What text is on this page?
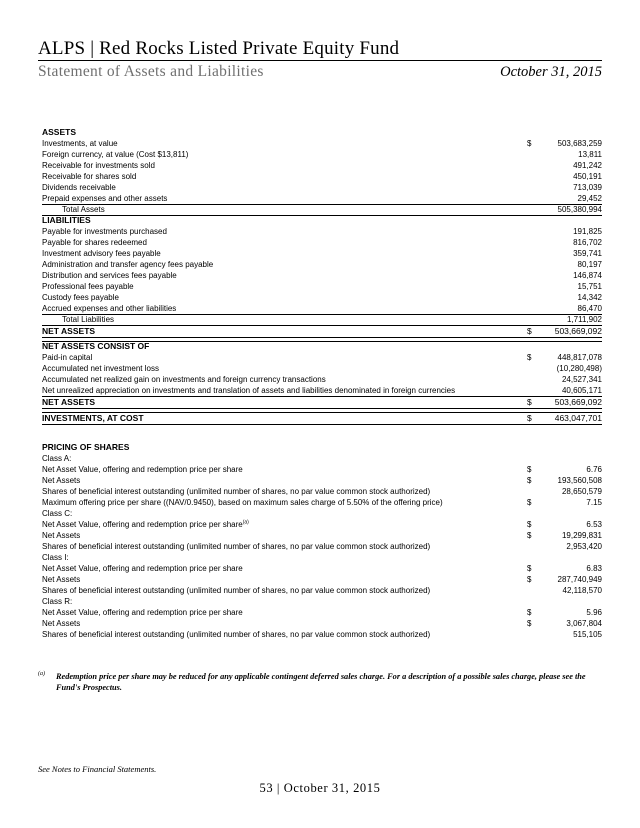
ALPS | Red Rocks Listed Private Equity Fund
Statement of Assets and Liabilities	October 31, 2015
ASSETS
Investments, at value	$	503,683,259
Foreign currency, at value (Cost $13,811)	13,811
Receivable for investments sold	491,242
Receivable for shares sold	450,191
Dividends receivable	713,039
Prepaid expenses and other assets	29,452
Total Assets	505,380,994
LIABILITIES
Payable for investments purchased	191,825
Payable for shares redeemed	816,702
Investment advisory fees payable	359,741
Administration and transfer agency fees payable	80,197
Distribution and services fees payable	146,874
Professional fees payable	15,751
Custody fees payable	14,342
Accrued expenses and other liabilities	86,470
Total Liabilities	1,711,902
NET ASSETS	$	503,669,092
NET ASSETS CONSIST OF
Paid-in capital	$	448,817,078
Accumulated net investment loss	(10,280,498)
Accumulated net realized gain on investments and foreign currency transactions	24,527,341
Net unrealized appreciation on investments and translation of assets and liabilities denominated in foreign currencies	40,605,171
NET ASSETS	$	503,669,092
INVESTMENTS, AT COST	$	463,047,701
PRICING OF SHARES
Class A:
Net Asset Value, offering and redemption price per share	$	6.76
Net Assets	$	193,560,508
Shares of beneficial interest outstanding (unlimited number of shares, no par value common stock authorized)	28,650,579
Maximum offering price per share ((NAV/0.9450), based on maximum sales charge of 5.50% of the offering price)	$	7.15
Class C:
Net Asset Value, offering and redemption price per share$^{(a)}$	$	6.53
Net Assets	$	19,299,831
Shares of beneficial interest outstanding (unlimited number of shares, no par value common stock authorized)	2,953,420
Class I:
Net Asset Value, offering and redemption price per share	$	6.83
Net Assets	$	287,740,949
Shares of beneficial interest outstanding (unlimited number of shares, no par value common stock authorized)	42,118,570
Class R:
Net Asset Value, offering and redemption price per share	$	5.96
Net Assets	$	3,067,804
Shares of beneficial interest outstanding (unlimited number of shares, no par value common stock authorized)	515,105
(a) Redemption price per share may be reduced for any applicable contingent deferred sales charge. For a description of a possible sales charge, please see the Fund's Prospectus.
See Notes to Financial Statements.
53 | October 31, 2015
